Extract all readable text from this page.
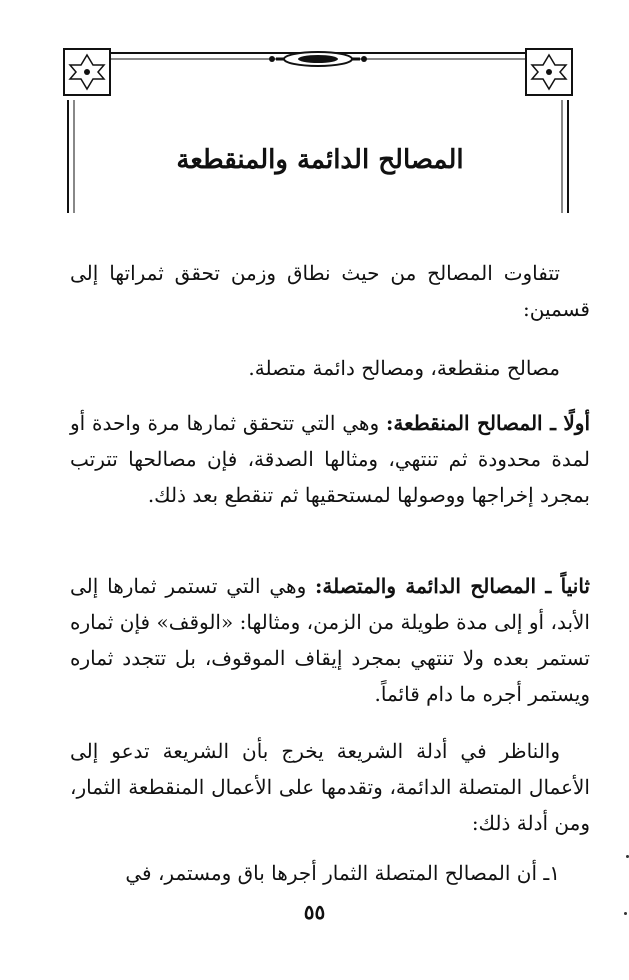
المصالح الدائمة والمنقطعة
تتفاوت المصالح من حيث نطاق وزمن تحقق ثمراتها إلى قسمين:
مصالح منقطعة، ومصالح دائمة متصلة.
أولًا ـ المصالح المنقطعة: وهي التي تتحقق ثمارها مرة واحدة أو لمدة محدودة ثم تنتهي، ومثالها الصدقة، فإن مصالحها تترتب بمجرد إخراجها ووصولها لمستحقيها ثم تنقطع بعد ذلك.
ثانياً ـ المصالح الدائمة والمتصلة: وهي التي تستمر ثمارها إلى الأبد، أو إلى مدة طويلة من الزمن، ومثالها: «الوقف» فإن ثماره تستمر بعده ولا تنتهي بمجرد إيقاف الموقوف، بل تتجدد ثماره ويستمر أجره ما دام قائماً.
والناظر في أدلة الشريعة يخرج بأن الشريعة تدعو إلى الأعمال المتصلة الدائمة، وتقدمها على الأعمال المنقطعة الثمار، ومن أدلة ذلك:
١ـ أن المصالح المتصلة الثمار أجرها باق ومستمر، في
٥٥
